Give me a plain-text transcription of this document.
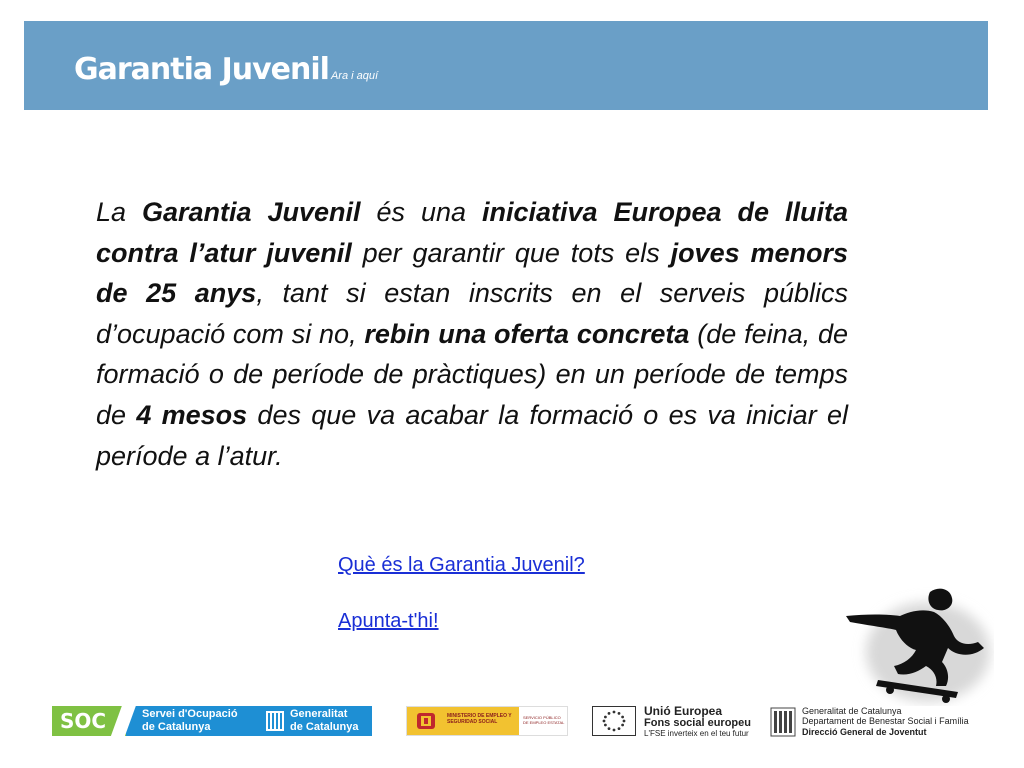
Garantia Juvenil Ara i aquí
La Garantia Juvenil és una iniciativa Europea de lluita contra l’atur juvenil per garantir que tots els joves menors de 25 anys, tant si estan inscrits en el serveis públics d’ocupació com si no, rebin una oferta concreta (de feina, de formació o de període de pràctiques) en un període de temps de 4 mesos des que va acabar la formació o es va iniciar el període a l’atur.
Què és la Garantia Juvenil?
Apunta-t'hi!
SOC	Servei d'Ocupació
de Catalunya
Generalitat
de Catalunya
MINISTERIO DE EMPLEO Y SEGURIDAD SOCIAL
SERVICIO PÚBLICO DE EMPLEO ESTATAL
Unió Europea
Fons social europeu
L'FSE inverteix en el teu futur
Generalitat de Catalunya
Departament de Benestar Social i Família
Direcció General de Joventut
